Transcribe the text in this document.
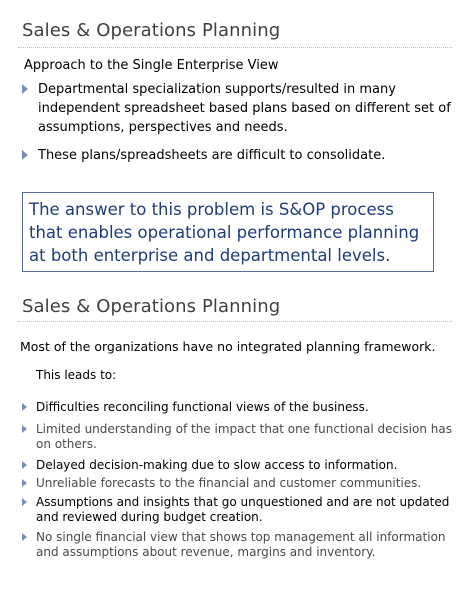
Sales & Operations Planning
Approach to the Single Enterprise View
Departmental specialization supports/resulted in many independent spreadsheet based plans based on different set of assumptions, perspectives and needs.
These plans/spreadsheets are difficult to consolidate.
The answer to this problem is S&OP process that enables operational performance planning at both enterprise and departmental levels.
Sales & Operations Planning
Most of the organizations have no integrated planning framework.
This leads to:
Difficulties reconciling functional views of the business.
Limited understanding of the impact that one functional decision has on others.
Delayed decision-making due to slow access to information.
Unreliable forecasts to the financial and customer communities.
Assumptions and insights that go unquestioned and are not updated and reviewed during budget creation.
No single financial view that shows top management all information and assumptions about revenue, margins and inventory.
